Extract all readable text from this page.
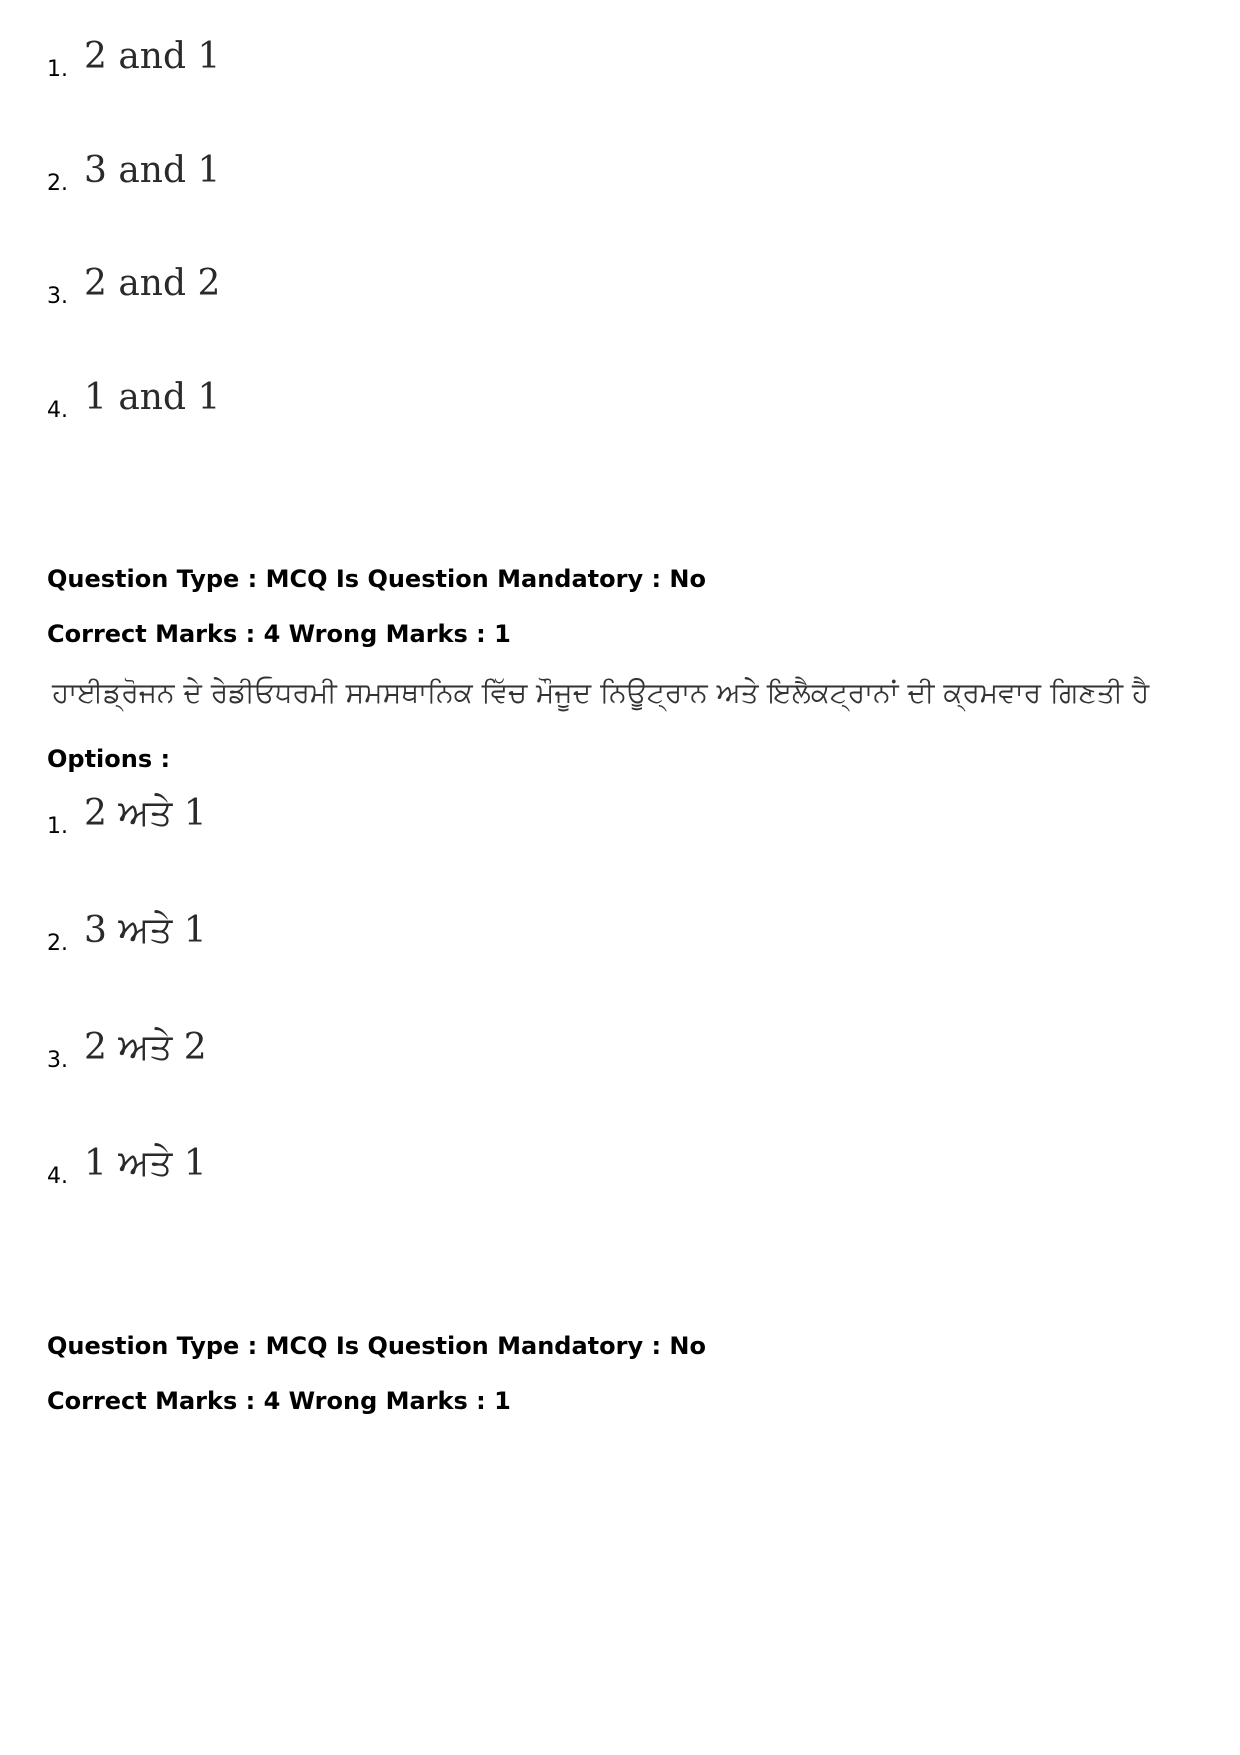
1. 2 and 1
2. 3 and 1
3. 2 and 2
4. 1 and 1
Question Type : MCQ Is Question Mandatory : No
Correct Marks : 4 Wrong Marks : 1
ਹਾਈਡ੍ਰੋਜਨ ਦੇ ਰੇਡੀਓਧਰਮੀ ਸਮਸਥਾਨਿਕ ਵਿੱਚ ਮੌਜੂਦ ਨਿਊਟ੍ਰਾਨ ਅਤੇ ਇਲੈਕਟ੍ਰਾਨਾਂ ਦੀ ਕ੍ਰਮਵਾਰ ਗਿਣਤੀ ਹੈ
Options :
1. 2 ਅਤੇ 1
2. 3 ਅਤੇ 1
3. 2 ਅਤੇ 2
4. 1 ਅਤੇ 1
Question Type : MCQ Is Question Mandatory : No
Correct Marks : 4 Wrong Marks : 1
